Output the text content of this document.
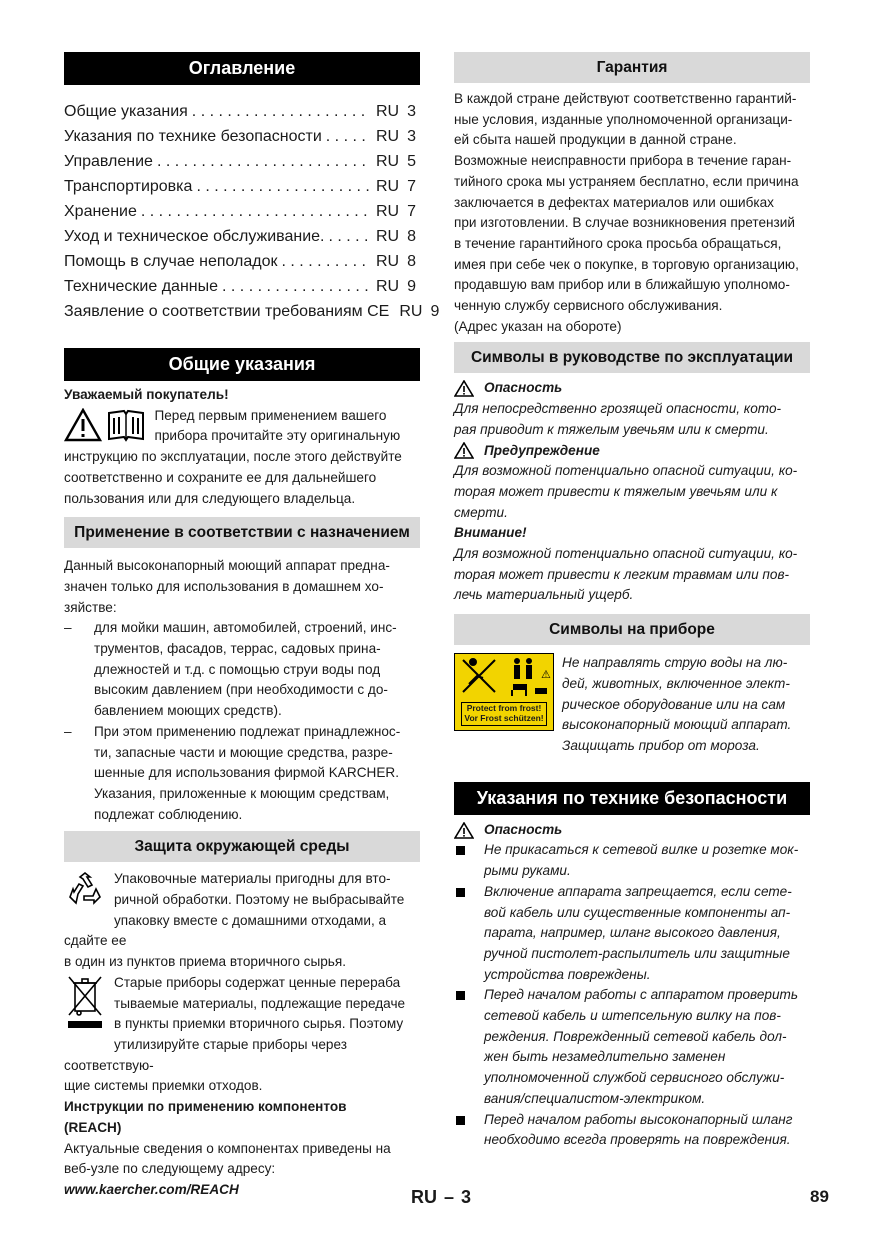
Оглавление
Общие указания . . .	RU 3
Указания по технике безопасности . . .	RU 3
Управление . . .	RU 5
Транспортировка . . .	RU 7
Хранение . . .	RU 7
Уход и техническое обслуживание. . . .	RU 8
Помощь в случае неполадок . . .	RU 8
Технические данные . . .	RU 9
Заявление о соответствии требованиям CE . . . RU 9
Общие указания

Уважаемый покупатель!

Перед первым применением вашего

прибора прочитайте эту оригинальную

инструкцию по эксплуатации, после этого действуйте

соответственно и сохраните ее для дальнейшего

пользования или для следующего владельца.

Применение в соответствии с назначением

Данный высоконапорный моющий аппарат предна-

значен только для использования в домашнем хо-

зяйстве:

–	для мойки машин, автомобилей, строений, инс-
трументов, фасадов, террас, садовых прина-
длежностей и т.д. с помощью струи воды под
высоким давлением (при необходимости с до-
бавлением моющих средств).
–	При этом применению подлежат принадлежнос-
ти, запасные части и моющие средства, разре-
шенные для использования фирмой KARCHER.
Указания, приложенные к моющим средствам,
подлежат соблюдению.
Защита окружающей среды

Упаковочные материалы пригодны для вто-

ричной обработки. Поэтому не выбрасывайте

упаковку вместе с домашними отходами, а сдайте ее

в один из пунктов приема вторичного сырья.

Старые приборы содержат ценные перераба

тываемые материалы, подлежащие передаче

в пункты приемки вторичного сырья. Поэтому

утилизируйте старые приборы через соответствую-

щие системы приемки отходов.

Инструкции по применению компонентов

(REACH)

Актуальные сведения о компонентах приведены на

веб-узле по следующему адресу:

www.kaercher.com/REACH

Гарантия

В каждой стране действуют соответственно гарантий-

ные условия, изданные уполномоченной организаци-

ей сбыта нашей продукции в данной стране.

Возможные неисправности прибора в течение гаран-

тийного срока мы устраняем бесплатно, если причина

заключается в дефектах материалов или ошибках

при изготовлении. В случае возникновения претензий

в течение гарантийного срока просьба обращаться,

имея при себе чек о покупке, в торговую организацию,

продавшую вам прибор или в ближайшую уполномо-

ченную службу сервисного обслуживания.

(Адрес указан на обороте)

Символы в руководстве по эксплуатации
Опасность

Для непосредственно грозящей опасности, кото-

рая приводит к тяжелым увечьям или к смерти.

Предупреждение

Для возможной потенциально опасной ситуации, ко-

торая может привести к тяжелым увечьям или к

смерти.

Внимание!

Для возможной потенциально опасной ситуации, ко-

торая может привести к легким травмам или пов-

лечь материальный ущерб.

Символы на приборе
⚠
Protect from frost!
Vor Frost schützen!

Не направлять струю воды на лю-

дей, животных, включенное элект-

рическое оборудование или на сам

высоконапорный моющий аппарат.

Защищать прибор от мороза.

Указания по технике безопасности
Опасность
Не прикасаться к сетевой вилке и розетке мок-
рыми руками.
Включение аппарата запрещается, если сете-
вой кабель или существенные компоненты ап-
парата, например, шланг высокого давления,
ручной пистолет-распылитель или защитные
устройства повреждены.
Перед началом работы с аппаратом проверить
сетевой кабель и штепсельную вилку на пов-
реждения. Поврежденный сетевой кабель дол-
жен быть незамедлительно заменен
уполномоченной службой сервисного обслужи-
вания/специалистом-электриком.
Перед началом работы высоконапорный шланг
необходимо всегда проверять на повреждения.
RU – 3	89
